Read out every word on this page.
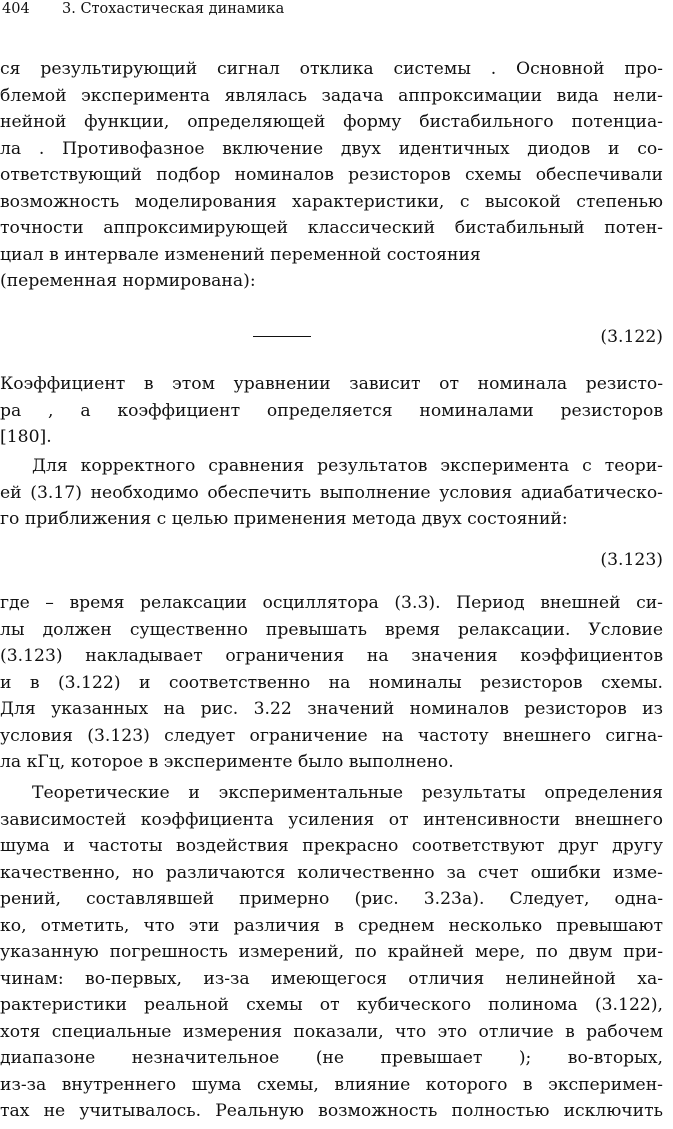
404 3. Стохастическая динамика
ся результирующий сигнал отклика системы . Основной про-
блемой эксперимента являлась задача аппроксимации вида нели-
нейной функции, определяющей форму бистабильного потенциа-
ла . Противофазное включение двух идентичных диодов и со-
ответствующий подбор номиналов резисторов схемы обеспечивали
возможность моделирования характеристики, с высокой степенью
точности аппроксимирующей классический бистабильный потен-
циал в интервале изменений переменной состояния
(переменная нормирована):
(3.122)
Коэффициент в этом уравнении зависит от номинала резисто-
ра , а коэффициент определяется номиналами резисторов
[180].
Для корректного сравнения результатов эксперимента с теори-
ей (3.17) необходимо обеспечить выполнение условия адиабатическо-
го приближения с целью применения метода двух состояний:
(3.123)
где – время релаксации осциллятора (3.3). Период внешней си-
лы должен существенно превышать время релаксации. Условие
(3.123) накладывает ограничения на значения коэффициентов
и в (3.122) и соответственно на номиналы резисторов схемы.
Для указанных на рис. 3.22 значений номиналов резисторов из
условия (3.123) следует ограничение на частоту внешнего сигна-
ла кГц, которое в эксперименте было выполнено.
Теоретические и экспериментальные результаты определения
зависимостей коэффициента усиления от интенсивности внешнего
шума и частоты воздействия прекрасно соответствуют друг другу
качественно, но различаются количественно за счет ошибки изме-
рений, составлявшей примерно (рис. 3.23а). Следует, одна-
ко, отметить, что эти различия в среднем несколько превышают
указанную погрешность измерений, по крайней мере, по двум при-
чинам: во-первых, из-за имеющегося отличия нелинейной ха-
рактеристики реальной схемы от кубического полинома (3.122),
хотя специальные измерения показали, что это отличие в рабочем
диапазоне незначительное (не превышает ); во-вторых,
из-за внутреннего шума схемы, влияние которого в эксперимен-
тах не учитывалось. Реальную возможность полностью исключить
